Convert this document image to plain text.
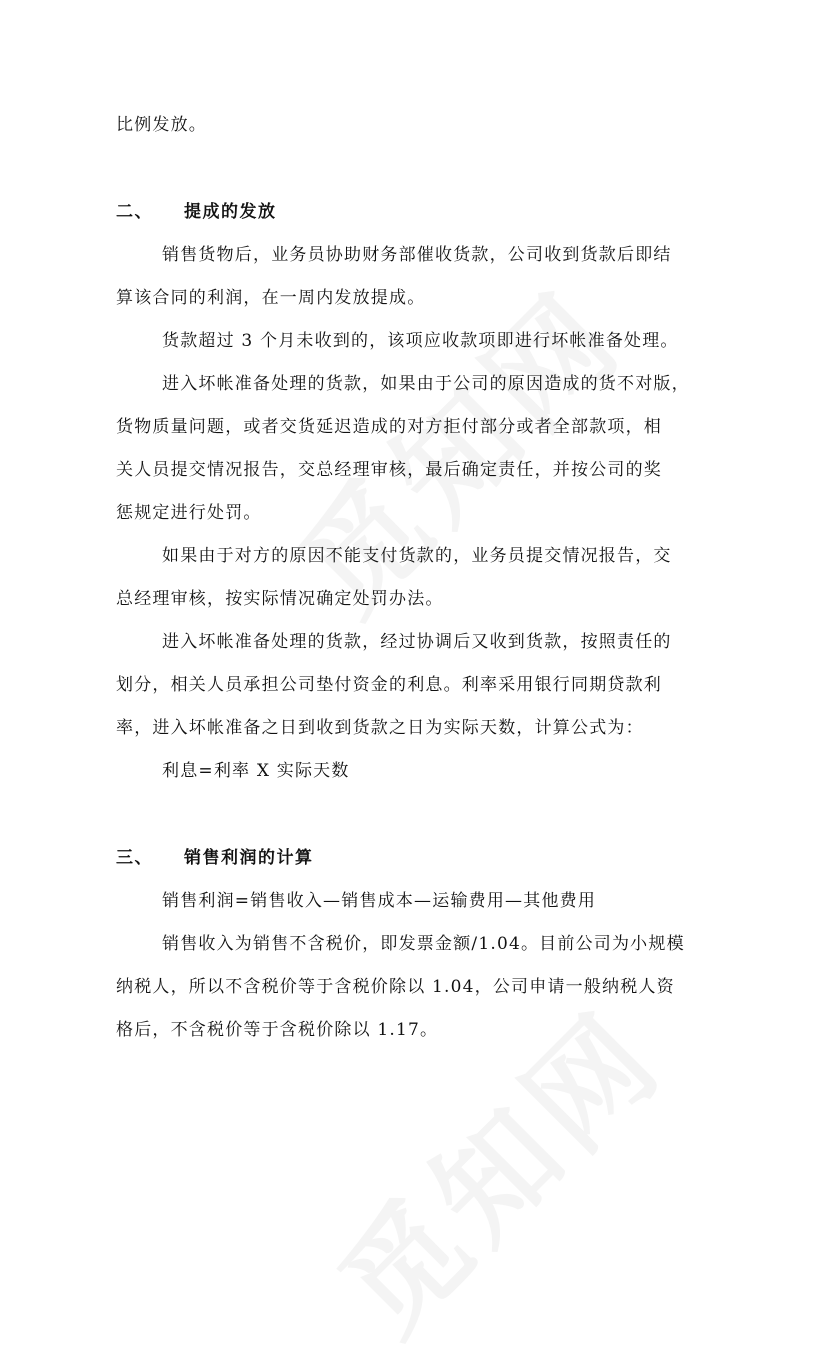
比例发放。
二、 提成的发放
销售货物后，业务员协助财务部催收货款，公司收到货款后即结
算该合同的利润，在一周内发放提成。
货款超过 3 个月未收到的，该项应收款项即进行坏帐准备处理。
进入坏帐准备处理的货款，如果由于公司的原因造成的货不对版，
货物质量问题，或者交货延迟造成的对方拒付部分或者全部款项，相
关人员提交情况报告，交总经理审核，最后确定责任，并按公司的奖
惩规定进行处罚。
如果由于对方的原因不能支付货款的，业务员提交情况报告，交
总经理审核，按实际情况确定处罚办法。
进入坏帐准备处理的货款，经过协调后又收到货款，按照责任的
划分，相关人员承担公司垫付资金的利息。利率采用银行同期贷款利
率，进入坏帐准备之日到收到货款之日为实际天数，计算公式为：
利息=利率 X 实际天数
三、 销售利润的计算
销售利润=销售收入—销售成本—运输费用—其他费用
销售收入为销售不含税价，即发票金额/1.04。目前公司为小规模
纳税人，所以不含税价等于含税价除以 1.04，公司申请一般纳税人资
格后，不含税价等于含税价除以 1.17。
